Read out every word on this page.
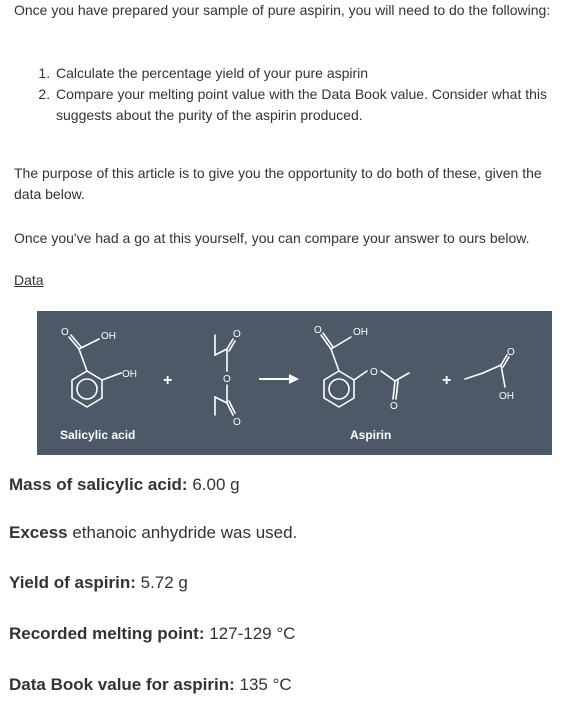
Once you have prepared your sample of pure aspirin, you will need to do the following:

1. Calculate the percentage yield of your pure aspirin
2. Compare your melting point value with the Data Book value. Consider what this suggests about the purity of the aspirin produced.

The purpose of this article is to give you the opportunity to do both of these, given the data below.

Once you've had a go at this yourself, you can compare your answer to ours below.

Data

O	OH
OH +	+
O
O
O
O	OH
O
O
O
OH
Salicylic acid	Aspirin
Mass of salicylic acid: 6.00 g
Excess ethanoic anhydride was used.
Yield of aspirin: 5.72 g
Recorded melting point: 127-129 °C
Data Book value for aspirin: 135 °C
